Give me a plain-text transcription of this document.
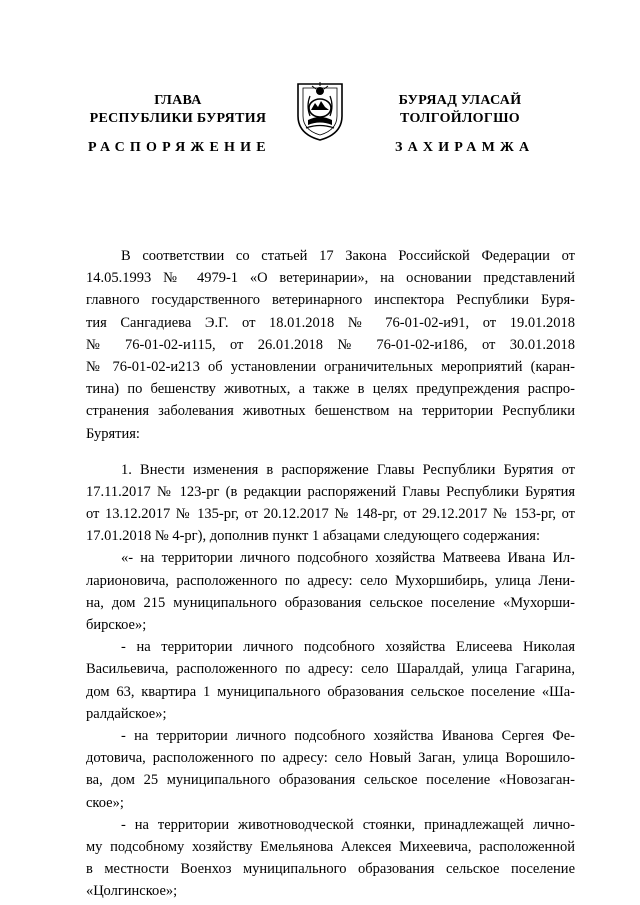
ГЛАВА
РЕСПУБЛИКИ БУРЯТИЯ
БУРЯАД УЛАСАЙ
ТОЛГОЙЛОГШО
РАСПОРЯЖЕНИЕ	ЗАХИРАМЖА
В соответствии со статьей 17 Закона Российской Федерации от
14.05.1993 № 4979-1 «О ветеринарии», на основании представлений
главного государственного ветеринарного инспектора Республики Буря-
тия Сангадиева Э.Г. от 18.01.2018 № 76-01-02-и91, от 19.01.2018
№ 76-01-02-и115, от 26.01.2018 № 76-01-02-и186, от 30.01.2018
№ 76-01-02-и213 об установлении ограничительных мероприятий (каран-
тина) по бешенству животных, а также в целях предупреждения распро-
странения заболевания животных бешенством на территории Республики
Бурятия:
1. Внести изменения в распоряжение Главы Республики Бурятия от
17.11.2017 № 123-рг (в редакции распоряжений Главы Республики Бурятия
от 13.12.2017 № 135-рг, от 20.12.2017 № 148-рг, от 29.12.2017 № 153-рг, от
17.01.2018 № 4-рг), дополнив пункт 1 абзацами следующего содержания:
«- на территории личного подсобного хозяйства Матвеева Ивана Ил-
ларионовича, расположенного по адресу: село Мухоршибирь, улица Лени-
на, дом 215 муниципального образования сельское поселение «Мухорши-
бирское»;
- на территории личного подсобного хозяйства Елисеева Николая
Васильевича, расположенного по адресу: село Шаралдай, улица Гагарина,
дом 63, квартира 1 муниципального образования сельское поселение «Ша-
ралдайское»;
- на территории личного подсобного хозяйства Иванова Сергея Фе-
дотовича, расположенного по адресу: село Новый Заган, улица Ворошило-
ва, дом 25 муниципального образования сельское поселение «Новозаган-
ское»;
- на территории животноводческой стоянки, принадлежащей лично-
му подсобному хозяйству Емельянова Алексея Михеевича, расположенной
в местности Военхоз муниципального образования сельское поселение
«Цолгинское»;
